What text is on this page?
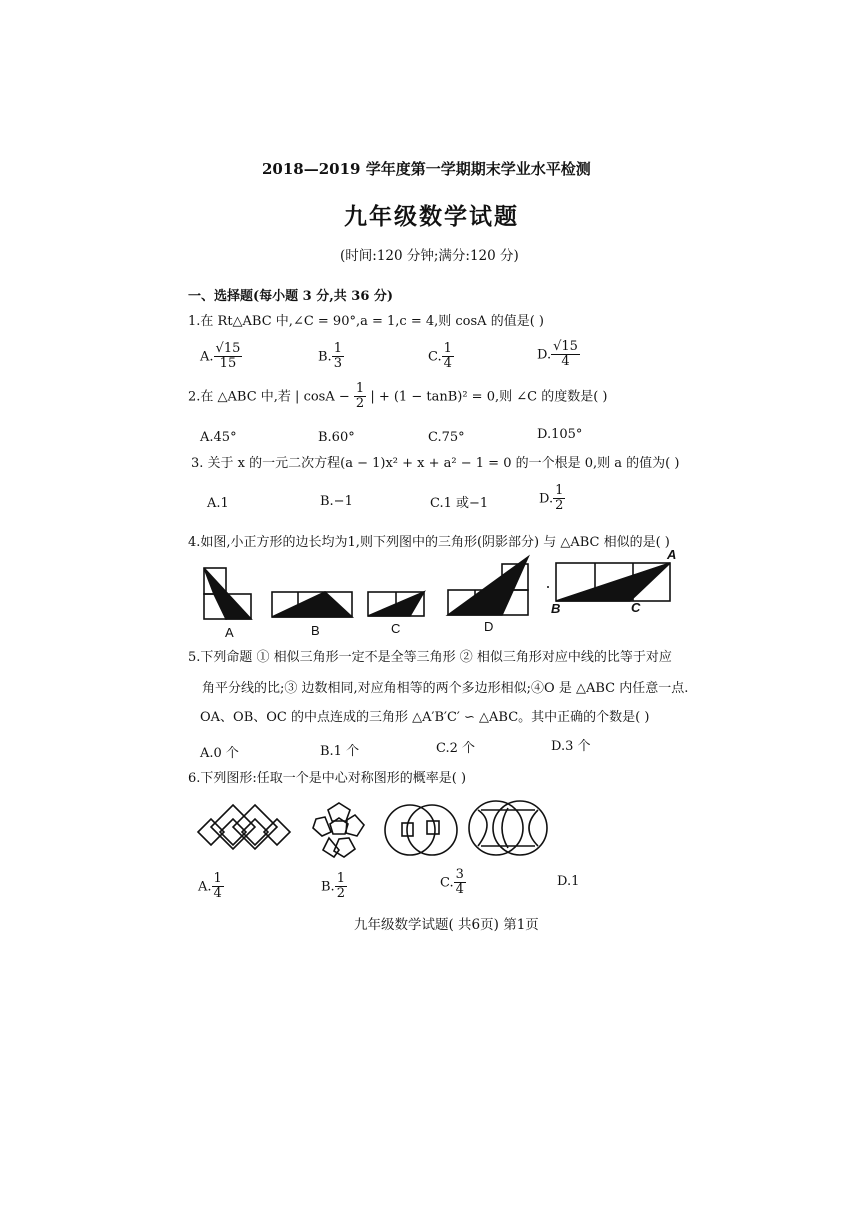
2018—2019 学年度第一学期期末学业水平检测
九年级数学试题
(时间:120 分钟;满分:120 分)
一、选择题(每小题 3 分,共 36 分)
1.在 Rt△ABC 中,∠C = 90°,a = 1,c = 4,则 cosA 的值是( )
A. $\frac{√15}{15}$	B. $\frac{1}{3}$	C. $\frac{1}{4}$	D. $\frac{√15}{4}$
2.在 △ABC 中,若 | $\cos A - \frac{1}{2}$ | + (1 − tanB)² = 0,则 ∠C 的度数是( )
A.45°	B.60°	C.75°	D.105°
3. 关于 x 的一元二次方程(a − 1)x² + x + a² − 1 = 0 的一个根是 0,则 a 的值为( )
A.1	B.−1	C.1 或−1	D. $\frac{1}{2}$
4.如图,小正方形的边长均为1,则下列图中的三角形(阴影部分) 与 △ABC 相似的是( )
A	B	C	D
A
B	C
5.下列命题 ① 相似三角形一定不是全等三角形 ② 相似三角形对应中线的比等于对应
角平分线的比;③ 边数相同,对应角相等的两个多边形相似;④O 是 △ABC 内任意一点.
OA、OB、OC 的中点连成的三角形 △A′B′C′ ∽ △ABC。其中正确的个数是( )
A.0 个	B.1 个	C.2 个	D.3 个
6.下列图形:任取一个是中心对称图形的概率是( )
A. $\frac{1}{4}$	B. $\frac{1}{2}$	C. $\frac{3}{4}$	D.1
九年级数学试题( 共6页) 第1页
